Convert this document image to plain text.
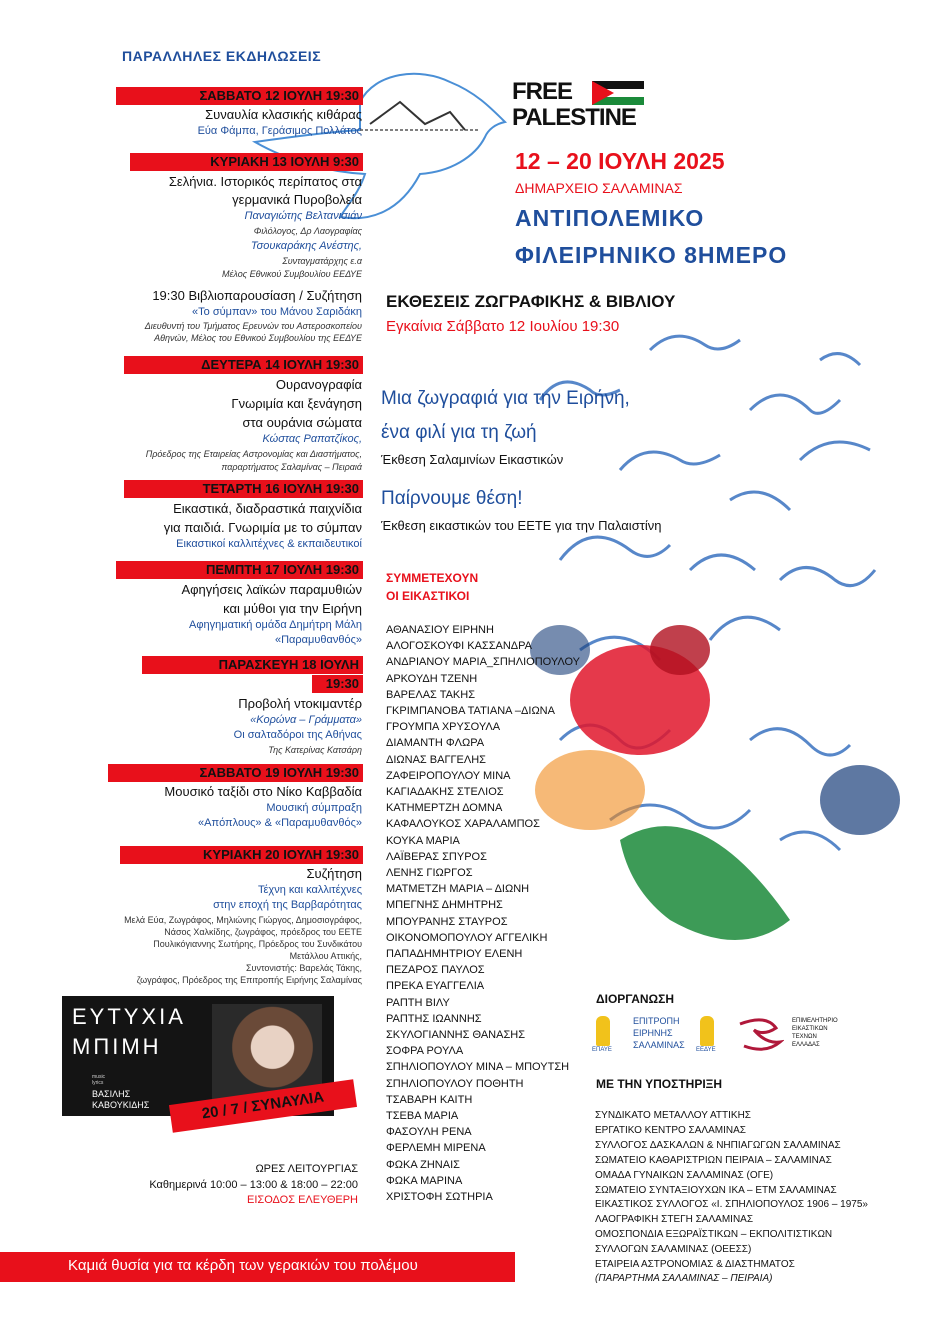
ΠΑΡΑΛΛΗΛΕΣ ΕΚΔΗΛΩΣΕΙΣ
ΣΑΒΒΑΤΟ 12 ΙΟΥΛΗ 19:30
Συναυλία κλασικής κιθάρας
Εύα Φάμπα, Γεράσιμος Πολλάτος
ΚΥΡΙΑΚΗ 13 ΙΟΥΛΗ 9:30
Σελήνια. Ιστορικός περίπατος στα
γερμανικά Πυροβολεία
Παναγιώτης Βελτανισιάν
Φιλόλογος, Δρ Λαογραφίας
Τσουκαράκης Ανέστης,
Συνταγματάρχης ε.α
Μέλος Εθνικού Συμβουλίου ΕΕΔΥΕ
19:30 Βιβλιοπαρουσίαση / Συζήτηση
«Το σύμπαν» του Μάνου Σαριδάκη
Διευθυντή του Τμήματος Ερευνών του Αστεροσκοπείου
Αθηνών, Μέλος του Εθνικού Συμβουλίου της ΕΕΔΥΕ
ΔΕΥΤΕΡΑ 14 ΙΟΥΛΗ 19:30
Ουρανογραφία
Γνωριμία και ξενάγηση
στα ουράνια σώματα
Κώστας Ραπατζίκος,
Πρόεδρος της Εταιρείας Αστρονομίας και Διαστήματος,
παραρτήματος Σαλαμίνας – Πειραιά
ΤΕΤΑΡΤΗ 16 ΙΟΥΛΗ 19:30
Εικαστικά, διαδραστικά παιχνίδια
για παιδιά. Γνωριμία με το σύμπαν
Εικαστικοί καλλιτέχνες & εκπαιδευτικοί
ΠΕΜΠΤΗ 17 ΙΟΥΛΗ 19:30
Αφηγήσεις λαϊκών παραμυθιών
και μύθοι για την Ειρήνη
Αφηγηματική ομάδα Δημήτρη Μάλη
«Παραμυθανθός»
ΠΑΡΑΣΚΕΥΗ 18 ΙΟΥΛΗ
19:30
Προβολή ντοκιμαντέρ
«Κορώνα – Γράμματα»
Οι σαλταδόροι της Αθήνας
Της Κατερίνας Κατσάρη
ΣΑΒΒΑΤΟ 19 ΙΟΥΛΗ 19:30
Μουσικό ταξίδι στο Νίκο Καββαδία
Μουσική σύμπραξη
«Απόπλους» & «Παραμυθανθός»
ΚΥΡΙΑΚΗ 20 ΙΟΥΛΗ 19:30
Συζήτηση
Τέχνη και καλλιτέχνες
στην εποχή της Βαρβαρότητας
Μελά Εύα, Ζωγράφος, Μηλιώνης Γιώργος, Δημοσιογράφος,
Νάσος Χαλκίδης, ζωγράφος, πρόεδρος του ΕΕΤΕ
Πουλικόγιαννης Σωτήρης, Πρόεδρος του Συνδικάτου
Μετάλλου Αττικής,
Συντονιστής: Βαρελάς Τάκης,
ζωγράφος, Πρόεδρος της Επιτροπής Ειρήνης Σαλαμίνας
ΕΥΤΥΧΙΑ
ΜΠΙΜΗ
music
lyrics
ΒΑΣΙΛΗΣ
ΚΑΒΟΥΚΙΔΗΣ	20 / 7 / ΣΥΝΑΥΛΙΑ
ΩΡΕΣ ΛΕΙΤΟΥΡΓΙΑΣ
Καθημερινά 10:00 – 13:00 & 18:00 – 22:00
ΕΙΣΟΔΟΣ ΕΛΕΥΘΕΡΗ
FREE
PALESTINE
12 – 20 ΙΟΥΛΗ 2025
ΔΗΜΑΡΧΕΙΟ ΣΑΛΑΜΙΝΑΣ
ΑΝΤΙΠΟΛΕΜΙΚΟ
ΦΙΛΕΙΡΗΝΙΚΟ 8ΗΜΕΡΟ
ΕΚΘΕΣΕΙΣ ΖΩΓΡΑΦΙΚΗΣ & ΒΙΒΛΙΟΥ
Εγκαίνια Σάββατο 12 Ιουλίου 19:30
Μια ζωγραφιά για την Ειρήνη,
ένα φιλί για τη ζωή
Έκθεση Σαλαμινίων Εικαστικών
Παίρνουμε θέση!
Έκθεση εικαστικών του ΕΕΤΕ για την Παλαιστίνη
ΣΥΜΜΕΤΕΧΟΥΝ
ΟΙ ΕΙΚΑΣΤΙΚΟΙ
ΑΘΑΝΑΣΙΟΥ ΕΙΡΗΝΗ
ΑΛΟΓΟΣΚΟΥΦΙ ΚΑΣΣΑΝΔΡΑ
ΑΝΔΡΙΑΝΟΥ ΜΑΡΙΑ_ΣΠΗΛΙΟΠΟΥΛΟΥ
ΑΡΚΟΥΔΗ ΤΖΕΝΗ
ΒΑΡΕΛΑΣ ΤΑΚΗΣ
ΓΚΡΙΜΠΑΝΟΒΑ ΤΑΤΙΑΝΑ –ΔΙΩΝΑ
ΓΡΟΥΜΠΑ ΧΡΥΣΟΥΛΑ
ΔΙΑΜΑΝΤΗ ΦΛΩΡΑ
ΔΙΩΝΑΣ ΒΑΓΓΕΛΗΣ
ΖΑΦΕΙΡΟΠΟΥΛΟΥ ΜΙΝΑ
ΚΑΓΙΑΔΑΚΗΣ ΣΤΕΛΙΟΣ
ΚΑΤΗΜΕΡΤΖΗ ΔΟΜΝΑ
ΚΑΦΑΛΟΥΚΟΣ ΧΑΡΑΛΑΜΠΟΣ
ΚΟΥΚΑ ΜΑΡΙΑ
ΛΑΪΒΕΡΑΣ ΣΠΥΡΟΣ
ΛΕΝΗΣ ΓΙΩΡΓΟΣ
ΜΑΤΜΕΤΖΗ ΜΑΡΙΑ – ΔΙΩΝΗ
ΜΠΕΓΝΗΣ ΔΗΜΗΤΡΗΣ
ΜΠΟΥΡΑΝΗΣ ΣΤΑΥΡΟΣ
ΟΙΚΟΝΟΜΟΠΟΥΛΟΥ ΑΓΓΕΛΙΚΗ
ΠΑΠΑΔΗΜΗΤΡΙΟΥ ΕΛΕΝΗ
ΠΕΖΑΡΟΣ ΠΑΥΛΟΣ
ΠΡΕΚΑ ΕΥΑΓΓΕΛΙΑ
ΡΑΠΤΗ ΒΙΛΥ
ΡΑΠΤΗΣ ΙΩΑΝΝΗΣ
ΣΚΥΛΟΓΙΑΝΝΗΣ ΘΑΝΑΣΗΣ
ΣΟΦΡΑ ΡΟΥΛΑ
ΣΠΗΛΙΟΠΟΥΛΟΥ ΜΙΝΑ – ΜΠΟΥΤΣΗ
ΣΠΗΛΙΟΠΟΥΛΟΥ ΠΟΘΗΤΗ
ΤΣΑΒΑΡΗ ΚΑΙΤΗ
ΤΣΕΒΑ ΜΑΡΙΑ
ΦΑΣΟΥΛΗ ΡΕΝΑ
ΦΕΡΛΕΜΗ ΜΙΡΕΝΑ
ΦΩΚΑ ΖΗΝΑΙΣ
ΦΩΚΑ ΜΑΡΙΝΑ
ΧΡΙΣΤΟΦΗ ΣΩΤΗΡΙΑ
ΔΙΟΡΓΑΝΩΣΗ
ΕΠΑΥΕ
ΕΠΙΤΡΟΠΗ
ΕΙΡΗΝΗΣ
ΣΑΛΑΜΙΝΑΣ ΕΕΔΥΕ
ΕΠΙΜΕΛΗΤΗΡΙΟ
ΕΙΚΑΣΤΙΚΩΝ
ΤΕΧΝΩΝ
ΕΛΛΑΔΑΣ
ΜΕ ΤΗΝ ΥΠΟΣΤΗΡΙΞΗ
ΣΥΝΔΙΚΑΤΟ ΜΕΤΑΛΛΟΥ ΑΤΤΙΚΗΣ
ΕΡΓΑΤΙΚΟ ΚΕΝΤΡΟ ΣΑΛΑΜΙΝΑΣ
ΣΥΛΛΟΓΟΣ ΔΑΣΚΑΛΩΝ & ΝΗΠΙΑΓΩΓΩΝ ΣΑΛΑΜΙΝΑΣ
ΣΩΜΑΤΕΙΟ ΚΑΘΑΡΙΣΤΡΙΩΝ ΠΕΙΡΑΙΑ – ΣΑΛΑΜΙΝΑΣ
ΟΜΑΔΑ ΓΥΝΑΙΚΩΝ ΣΑΛΑΜΙΝΑΣ (ΟΓΕ)
ΣΩΜΑΤΕΙΟ ΣΥΝΤΑΞΙΟΥΧΩΝ ΙΚΑ – ΕΤΜ ΣΑΛΑΜΙΝΑΣ
ΕΙΚΑΣΤΙΚΟΣ ΣΥΛΛΟΓΟΣ «Ι. ΣΠΗΛΙΟΠΟΥΛΟΣ 1906 – 1975»
ΛΑΟΓΡΑΦΙΚΗ ΣΤΕΓΗ ΣΑΛΑΜΙΝΑΣ
ΟΜΟΣΠΟΝΔΙΑ ΕΞΩΡΑΪΣΤΙΚΩΝ – ΕΚΠΟΛΙΤΙΣΤΙΚΩΝ
ΣΥΛΛΟΓΩΝ ΣΑΛΑΜΙΝΑΣ (ΟΕΕΣΣ)
ΕΤΑΙΡΕΙΑ ΑΣΤΡΟΝΟΜΙΑΣ & ΔΙΑΣΤΗΜΑΤΟΣ
(ΠΑΡΑΡΤΗΜΑ ΣΑΛΑΜΙΝΑΣ – ΠΕΙΡΑΙΑ)
Καμιά θυσία για τα κέρδη των γερακιών του πολέμου
